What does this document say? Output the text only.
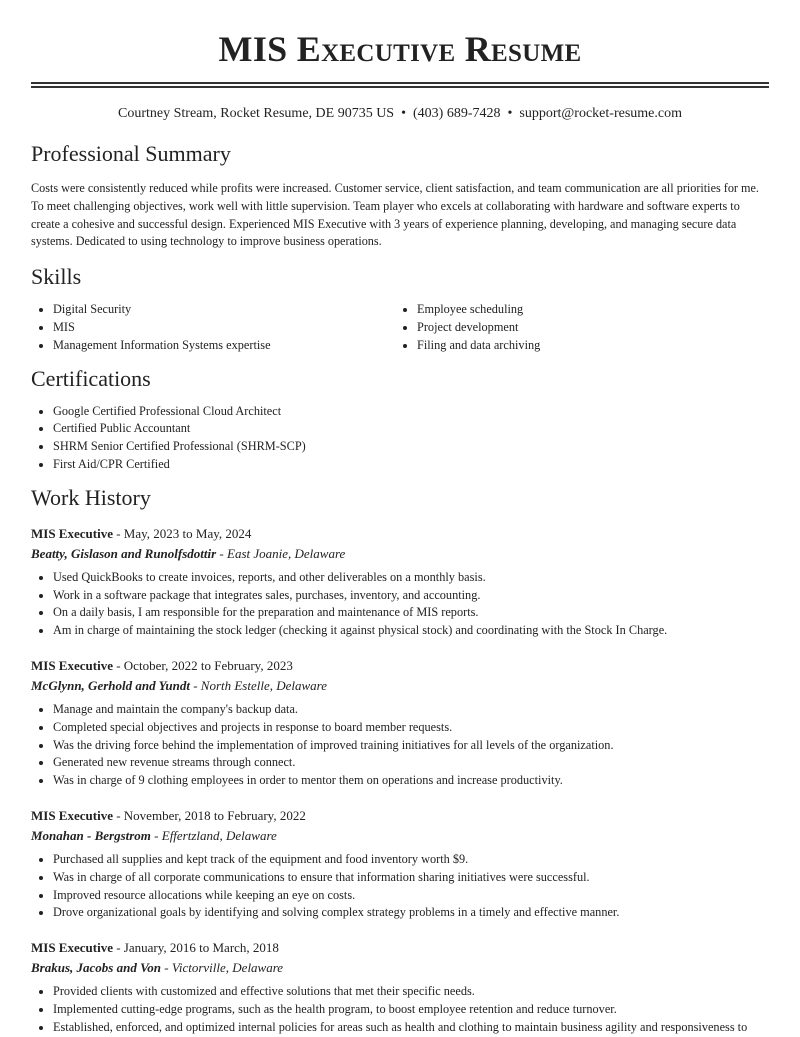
MIS Executive Resume
Courtney Stream, Rocket Resume, DE 90735 US • (403) 689-7428 • support@rocket-resume.com
Professional Summary

Costs were consistently reduced while profits were increased. Customer service, client satisfaction, and team communication are all priorities for me. To meet challenging objectives, work well with little supervision. Team player who excels at collaborating with hardware and software experts to create a cohesive and successful design. Experienced MIS Executive with 3 years of experience planning, developing, and managing secure data systems. Dedicated to using technology to improve business operations.

Skills
• Digital Security
• MIS
• Management Information Systems expertise
• Employee scheduling
• Project development
• Filing and data archiving
Certifications
• Google Certified Professional Cloud Architect
• Certified Public Accountant
• SHRM Senior Certified Professional (SHRM-SCP)
• First Aid/CPR Certified
Work History
MIS Executive - May, 2023 to May, 2024
Beatty, Gislason and Runolfsdottir - East Joanie, Delaware
• Used QuickBooks to create invoices, reports, and other deliverables on a monthly basis.
• Work in a software package that integrates sales, purchases, inventory, and accounting.
• On a daily basis, I am responsible for the preparation and maintenance of MIS reports.
• Am in charge of maintaining the stock ledger (checking it against physical stock) and coordinating with the Stock In Charge.
MIS Executive - October, 2022 to February, 2023
McGlynn, Gerhold and Yundt - North Estelle, Delaware
• Manage and maintain the company's backup data.
• Completed special objectives and projects in response to board member requests.
• Was the driving force behind the implementation of improved training initiatives for all levels of the organization.
• Generated new revenue streams through connect.
• Was in charge of 9 clothing employees in order to mentor them on operations and increase productivity.
MIS Executive - November, 2018 to February, 2022
Monahan - Bergstrom - Effertzland, Delaware
• Purchased all supplies and kept track of the equipment and food inventory worth $9.
• Was in charge of all corporate communications to ensure that information sharing initiatives were successful.
• Improved resource allocations while keeping an eye on costs.
• Drove organizational goals by identifying and solving complex strategy problems in a timely and effective manner.
MIS Executive - January, 2016 to March, 2018
Brakus, Jacobs and Von - Victorville, Delaware
• Provided clients with customized and effective solutions that met their specific needs.
• Implemented cutting-edge programs, such as the health program, to boost employee retention and reduce turnover.
• Established, enforced, and optimized internal policies for areas such as health and clothing to maintain business agility and responsiveness to
